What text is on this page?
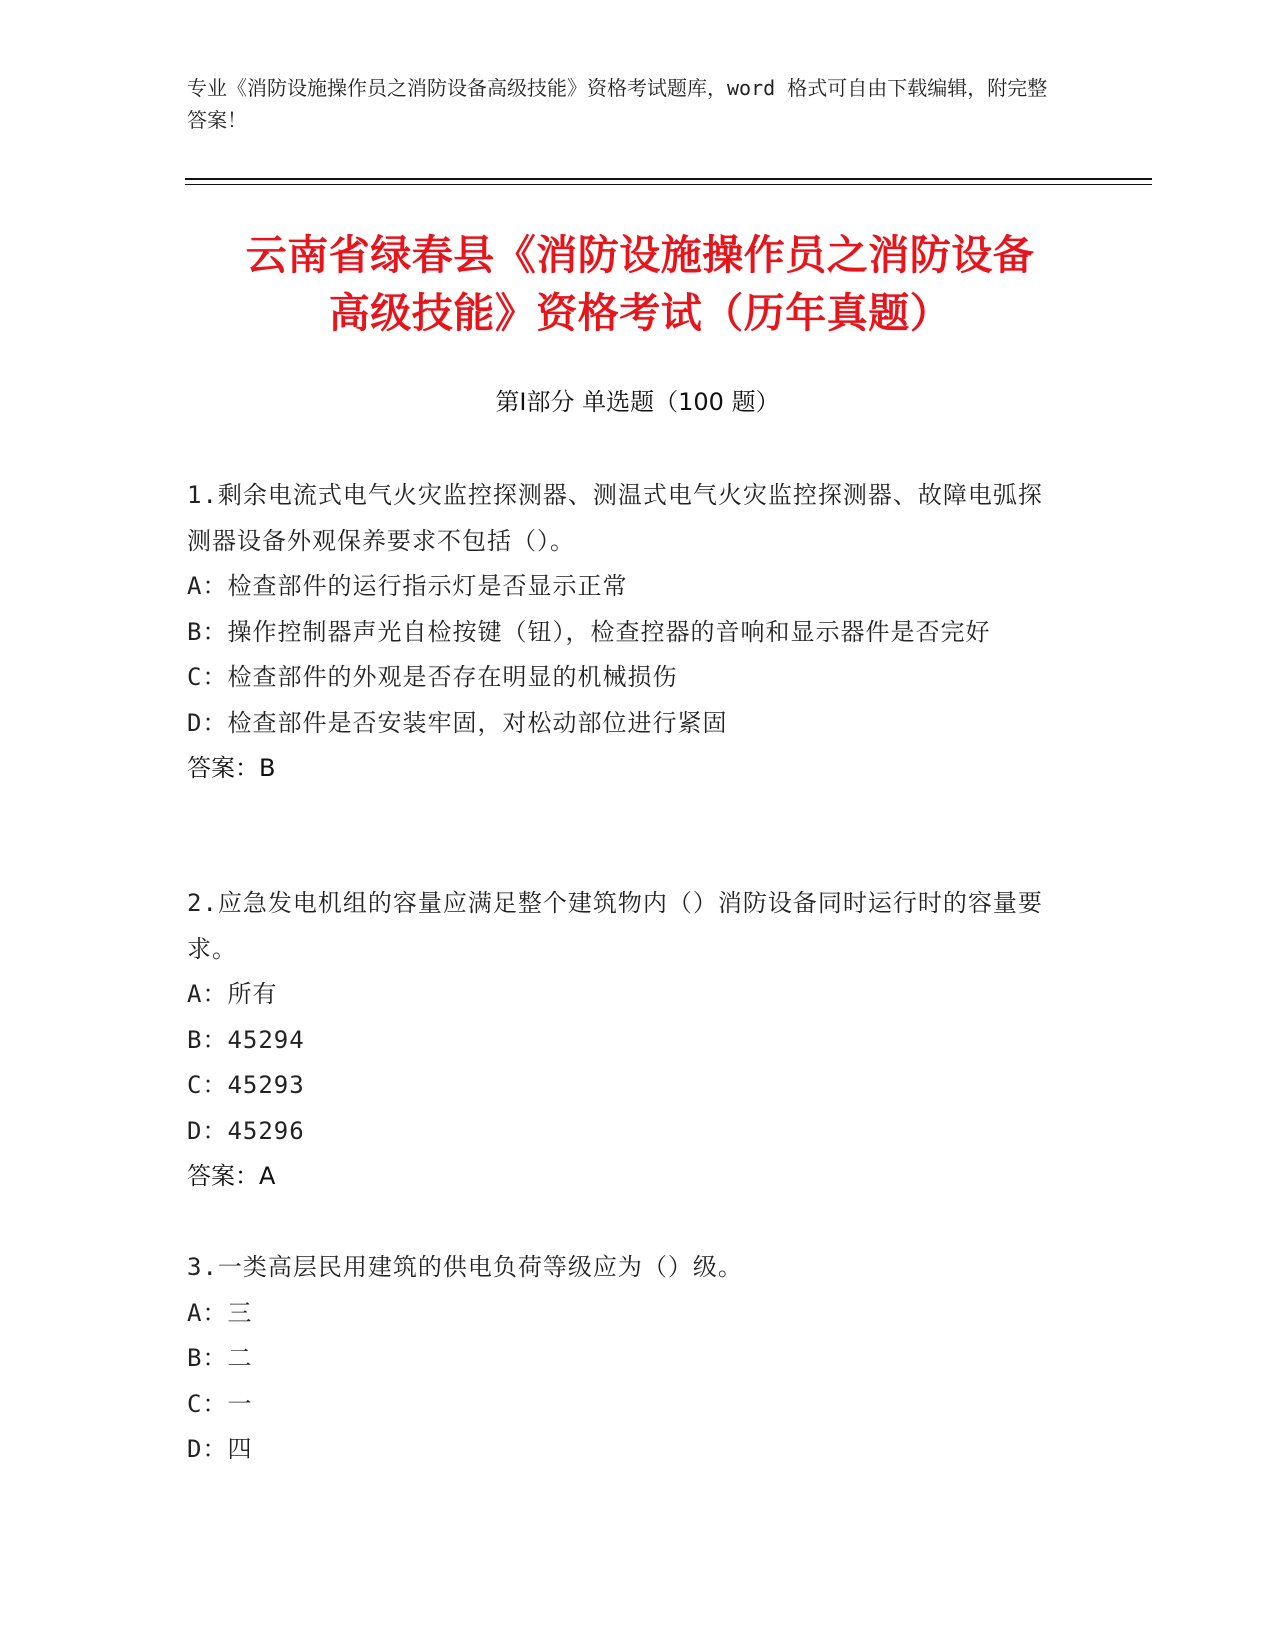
专业《消防设施操作员之消防设备高级技能》资格考试题库，word 格式可自由下载编辑，附完整答案！
云南省绿春县《消防设施操作员之消防设备
高级技能》资格考试（历年真题）
第Ⅰ部分 单选题（100 题）

1.剩余电流式电气火灾监控探测器、测温式电气火灾监控探测器、故障电弧探测器设备外观保养要求不包括（）。

A：检查部件的运行指示灯是否显示正常

B：操作控制器声光自检按键（钮），检查控器的音响和显示器件是否完好

C：检查部件的外观是否存在明显的机械损伤

D：检查部件是否安装牢固，对松动部位进行紧固

答案：B

2.应急发电机组的容量应满足整个建筑物内（）消防设备同时运行时的容量要求。

A：所有

B：45294

C：45293

D：45296

答案：A

3.一类高层民用建筑的供电负荷等级应为（）级。

A：三

B：二

C：一

D：四
